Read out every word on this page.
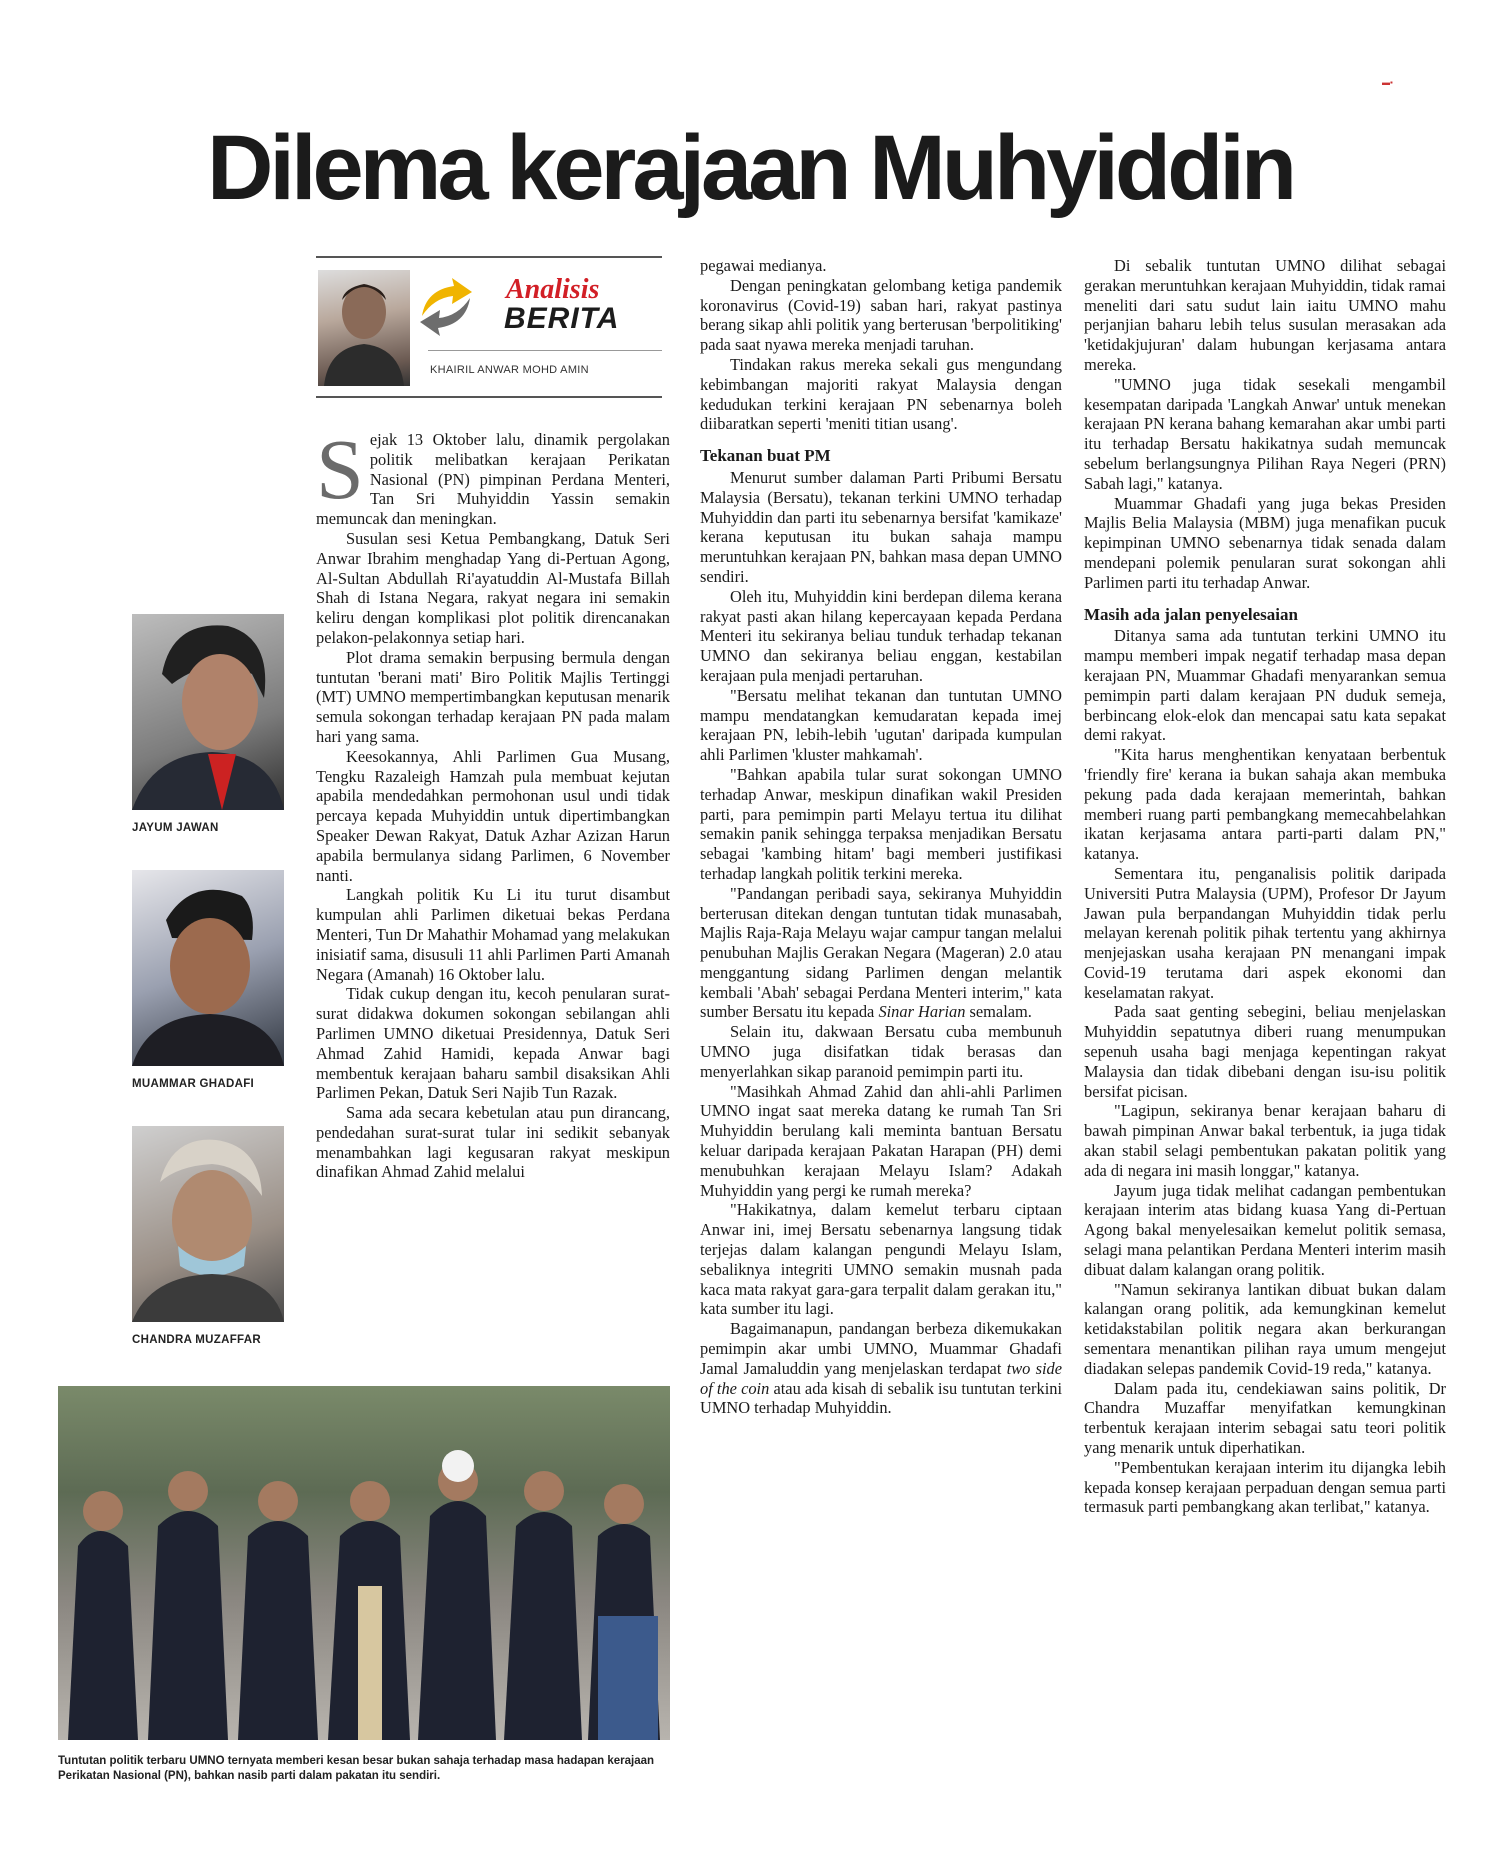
▬▪
Dilema kerajaan Muhyiddin
Analisis
BERITA
KHAIRIL ANWAR MOHD AMIN
JAYUM JAWAN
MUAMMAR GHADAFI
CHANDRA MUZAFFAR
Tuntutan politik terbaru UMNO ternyata memberi kesan besar bukan sahaja terhadap masa hadapan kerajaan Perikatan Nasional (PN), bahkan nasib parti dalam pakatan itu sendiri.
S ejak 13 Oktober lalu, dinamik pergolakan politik melibatkan kerajaan Perikatan Nasional (PN) pimpinan Perdana Menteri, Tan Sri Muhyiddin Yassin semakin memuncak dan meningkan.

Susulan sesi Ketua Pembangkang, Datuk Seri Anwar Ibrahim menghadap Yang di-Pertuan Agong, Al-Sultan Abdullah Ri'ayatuddin Al-Mustafa Billah Shah di Istana Negara, rakyat negara ini semakin keliru dengan komplikasi plot politik direncanakan pelakon-pelakonnya setiap hari.

Plot drama semakin berpusing bermula dengan tuntutan 'berani mati' Biro Politik Majlis Tertinggi (MT) UMNO mempertimbangkan keputusan menarik semula sokongan terhadap kerajaan PN pada malam hari yang sama.

Keesokannya, Ahli Parlimen Gua Musang, Tengku Razaleigh Hamzah pula membuat kejutan apabila mendedahkan permohonan usul undi tidak percaya kepada Muhyiddin untuk dipertimbangkan Speaker Dewan Rakyat, Datuk Azhar Azizan Harun apabila bermulanya sidang Parlimen, 6 November nanti.

Langkah politik Ku Li itu turut disambut kumpulan ahli Parlimen diketuai bekas Perdana Menteri, Tun Dr Mahathir Mohamad yang melakukan inisiatif sama, disusuli 11 ahli Parlimen Parti Amanah Negara (Amanah) 16 Oktober lalu.

Tidak cukup dengan itu, kecoh penularan surat-surat didakwa dokumen sokongan sebilangan ahli Parlimen UMNO diketuai Presidennya, Datuk Seri Ahmad Zahid Hamidi, kepada Anwar bagi membentuk kerajaan baharu sambil disaksikan Ahli Parlimen Pekan, Datuk Seri Najib Tun Razak.

Sama ada secara kebetulan atau pun dirancang, pendedahan surat-surat tular ini sedikit sebanyak menambahkan lagi kegusaran rakyat meskipun dinafikan Ahmad Zahid melalui

pegawai medianya.

Dengan peningkatan gelombang ketiga pandemik koronavirus (Covid-19) saban hari, rakyat pastinya berang sikap ahli politik yang berterusan 'berpolitiking' pada saat nyawa mereka menjadi taruhan.

Tindakan rakus mereka sekali gus mengundang kebimbangan majoriti rakyat Malaysia dengan kedudukan terkini kerajaan PN sebenarnya boleh diibaratkan seperti 'meniti titian usang'.

Tekanan buat PM

Menurut sumber dalaman Parti Pribumi Bersatu Malaysia (Bersatu), tekanan terkini UMNO terhadap Muhyiddin dan parti itu sebenarnya bersifat 'kamikaze' kerana keputusan itu bukan sahaja mampu meruntuhkan kerajaan PN, bahkan masa depan UMNO sendiri.

Oleh itu, Muhyiddin kini berdepan dilema kerana rakyat pasti akan hilang kepercayaan kepada Perdana Menteri itu sekiranya beliau tunduk terhadap tekanan UMNO dan sekiranya beliau enggan, kestabilan kerajaan pula menjadi pertaruhan.

"Bersatu melihat tekanan dan tuntutan UMNO mampu mendatangkan kemudaratan kepada imej kerajaan PN, lebih-lebih 'ugutan' daripada kumpulan ahli Parlimen 'kluster mahkamah'.

"Bahkan apabila tular surat sokongan UMNO terhadap Anwar, meskipun dinafikan wakil Presiden parti, para pemimpin parti Melayu tertua itu dilihat semakin panik sehingga terpaksa menjadikan Bersatu sebagai 'kambing hitam' bagi memberi justifikasi terhadap langkah politik terkini mereka.

"Pandangan peribadi saya, sekiranya Muhyiddin berterusan ditekan dengan tuntutan tidak munasabah, Majlis Raja-Raja Melayu wajar campur tangan melalui penubuhan Majlis Gerakan Negara (Mageran) 2.0 atau menggantung sidang Parlimen dengan melantik kembali 'Abah' sebagai Perdana Menteri interim," kata sumber Bersatu itu kepada Sinar Harian semalam.

Selain itu, dakwaan Bersatu cuba membunuh UMNO juga disifatkan tidak berasas dan menyerlahkan sikap paranoid pemimpin parti itu.

"Masihkah Ahmad Zahid dan ahli-ahli Parlimen UMNO ingat saat mereka datang ke rumah Tan Sri Muhyiddin berulang kali meminta bantuan Bersatu keluar daripada kerajaan Pakatan Harapan (PH) demi menubuhkan kerajaan Melayu Islam? Adakah Muhyiddin yang pergi ke rumah mereka?

"Hakikatnya, dalam kemelut terbaru ciptaan Anwar ini, imej Bersatu sebenarnya langsung tidak terjejas dalam kalangan pengundi Melayu Islam, sebaliknya integriti UMNO semakin musnah pada kaca mata rakyat gara-gara terpalit dalam gerakan itu," kata sumber itu lagi.

Bagaimanapun, pandangan berbeza dikemukakan pemimpin akar umbi UMNO, Muammar Ghadafi Jamal Jamaluddin yang menjelaskan terdapat two side of the coin atau ada kisah di sebalik isu tuntutan terkini UMNO terhadap Muhyiddin.

Di sebalik tuntutan UMNO dilihat sebagai gerakan meruntuhkan kerajaan Muhyiddin, tidak ramai meneliti dari satu sudut lain iaitu UMNO mahu perjanjian baharu lebih telus susulan merasakan ada 'ketidakjujuran' dalam hubungan kerjasama antara mereka.

"UMNO juga tidak sesekali mengambil kesempatan daripada 'Langkah Anwar' untuk menekan kerajaan PN kerana bahang kemarahan akar umbi parti itu terhadap Bersatu hakikatnya sudah memuncak sebelum berlangsungnya Pilihan Raya Negeri (PRN) Sabah lagi," katanya.

Muammar Ghadafi yang juga bekas Presiden Majlis Belia Malaysia (MBM) juga menafikan pucuk kepimpinan UMNO sebenarnya tidak senada dalam mendepani polemik penularan surat sokongan ahli Parlimen parti itu terhadap Anwar.

Masih ada jalan penyelesaian

Ditanya sama ada tuntutan terkini UMNO itu mampu memberi impak negatif terhadap masa depan kerajaan PN, Muammar Ghadafi menyarankan semua pemimpin parti dalam kerajaan PN duduk semeja, berbincang elok-elok dan mencapai satu kata sepakat demi rakyat.

"Kita harus menghentikan kenyataan berbentuk 'friendly fire' kerana ia bukan sahaja akan membuka pekung pada dada kerajaan memerintah, bahkan memberi ruang parti pembangkang memecahbelahkan ikatan kerjasama antara parti-parti dalam PN," katanya.

Sementara itu, penganalisis politik daripada Universiti Putra Malaysia (UPM), Profesor Dr Jayum Jawan pula berpandangan Muhyiddin tidak perlu melayan kerenah politik pihak tertentu yang akhirnya menjejaskan usaha kerajaan PN menangani impak Covid-19 terutama dari aspek ekonomi dan keselamatan rakyat.

Pada saat genting sebegini, beliau menjelaskan Muhyiddin sepatutnya diberi ruang menumpukan sepenuh usaha bagi menjaga kepentingan rakyat Malaysia dan tidak dibebani dengan isu-isu politik bersifat picisan.

"Lagipun, sekiranya benar kerajaan baharu di bawah pimpinan Anwar bakal terbentuk, ia juga tidak akan stabil selagi pembentukan pakatan politik yang ada di negara ini masih longgar," katanya.

Jayum juga tidak melihat cadangan pembentukan kerajaan interim atas bidang kuasa Yang di-Pertuan Agong bakal menyelesaikan kemelut politik semasa, selagi mana pelantikan Perdana Menteri interim masih dibuat dalam kalangan orang politik.

"Namun sekiranya lantikan dibuat bukan dalam kalangan orang politik, ada kemungkinan kemelut ketidakstabilan politik negara akan berkurangan sementara menantikan pilihan raya umum mengejut diadakan selepas pandemik Covid-19 reda," katanya.

Dalam pada itu, cendekiawan sains politik, Dr Chandra Muzaffar menyifatkan kemungkinan terbentuk kerajaan interim sebagai satu teori politik yang menarik untuk diperhatikan.

"Pembentukan kerajaan interim itu dijangka lebih kepada konsep kerajaan perpaduan dengan semua parti termasuk parti pembangkang akan terlibat," katanya.
